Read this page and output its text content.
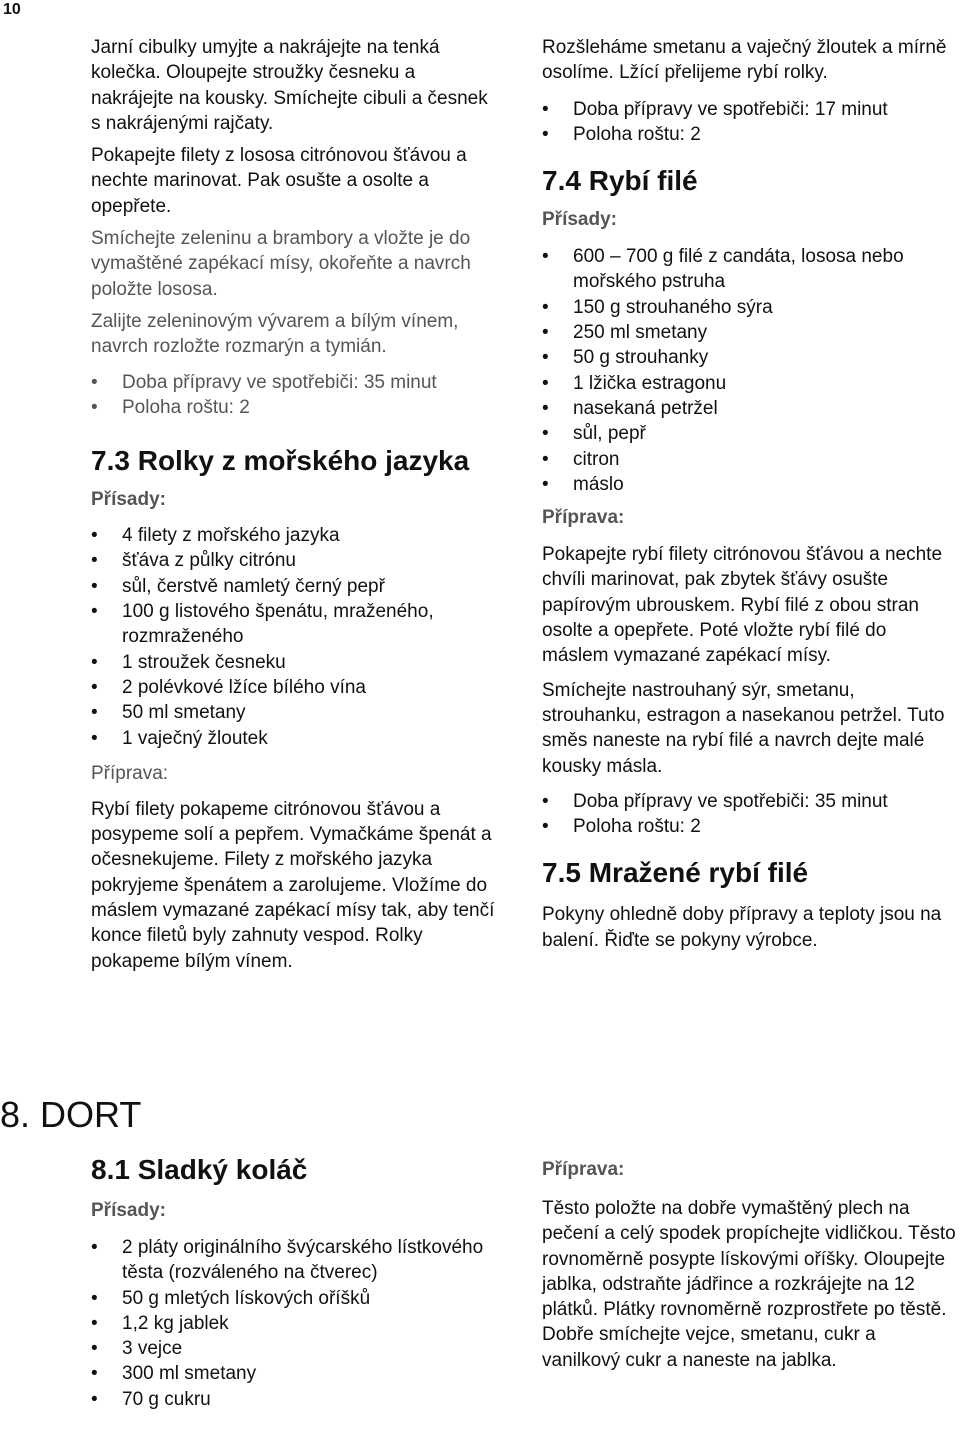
10

Jarní cibulky umyjte a nakrájejte na tenká kolečka. Oloupejte stroužky česneku a nakrájejte na kousky. Smíchejte cibuli a česnek s nakrájenými rajčaty.

Pokapejte filety z lososa citrónovou šťávou a nechte marinovat. Pak osušte a osolte a opepřete.

Smíchejte zeleninu a brambory a vložte je do vymaštěné zapékací mísy, okořeňte a navrch položte lososa.

Zalijte zeleninovým vývarem a bílým vínem, navrch rozložte rozmarýn a tymián.

• Doba přípravy ve spotřebiči: 35 minut
• Poloha roštu: 2
7.3 Rolky z mořského jazyka

Přísady:

• 4 filety z mořského jazyka
• šťáva z půlky citrónu
• sůl, čerstvě namletý černý pepř
• 100 g listového špenátu, mraženého, rozmraženého
• 1 stroužek česneku
• 2 polévkové lžíce bílého vína
• 50 ml smetany
• 1 vaječný žloutek

Příprava:

Rybí filety pokapeme citrónovou šťávou a posypeme solí a pepřem. Vymačkáme špenát a očesnekujeme. Filety z mořského jazyka pokryjeme špenátem a zarolujeme. Vložíme do máslem vymazané zapékací mísy tak, aby tenčí konce filetů byly zahnuty vespod. Rolky pokapeme bílým vínem.

8. DORT
8.1 Sladký koláč

Přísady:

• 2 pláty originálního švýcarského lístkového těsta (rozváleného na čtverec)
• 50 g mletých lískových oříšků
• 1,2 kg jablek
• 3 vejce
• 300 ml smetany
• 70 g cukru

Rozšleháme smetanu a vaječný žloutek a mírně osolíme. Lžící přelijeme rybí rolky.

• Doba přípravy ve spotřebiči: 17 minut
• Poloha roštu: 2
7.4 Rybí filé

Přísady:

• 600 – 700 g filé z candáta, lososa nebo mořského pstruha
• 150 g strouhaného sýra
• 250 ml smetany
• 50 g strouhanky
• 1 lžička estragonu
• nasekaná petržel
• sůl, pepř
• citron
• máslo

Příprava:

Pokapejte rybí filety citrónovou šťávou a nechte chvíli marinovat, pak zbytek šťávy osušte papírovým ubrouskem. Rybí filé z obou stran osolte a opepřete. Poté vložte rybí filé do máslem vymazané zapékací mísy.

Smíchejte nastrouhaný sýr, smetanu, strouhanku, estragon a nasekanou petržel. Tuto směs naneste na rybí filé a navrch dejte malé kousky másla.

• Doba přípravy ve spotřebiči: 35 minut
• Poloha roštu: 2
7.5 Mražené rybí filé

Pokyny ohledně doby přípravy a teploty jsou na balení. Řiďte se pokyny výrobce.

Příprava:

Těsto položte na dobře vymaštěný plech na pečení a celý spodek propíchejte vidličkou. Těsto rovnoměrně posypte lískovými oříšky. Oloupejte jablka, odstraňte jádřince a rozkrájejte na 12 plátků. Plátky rovnoměrně rozprostřete po těstě. Dobře smíchejte vejce, smetanu, cukr a vanilkový cukr a naneste na jablka.
